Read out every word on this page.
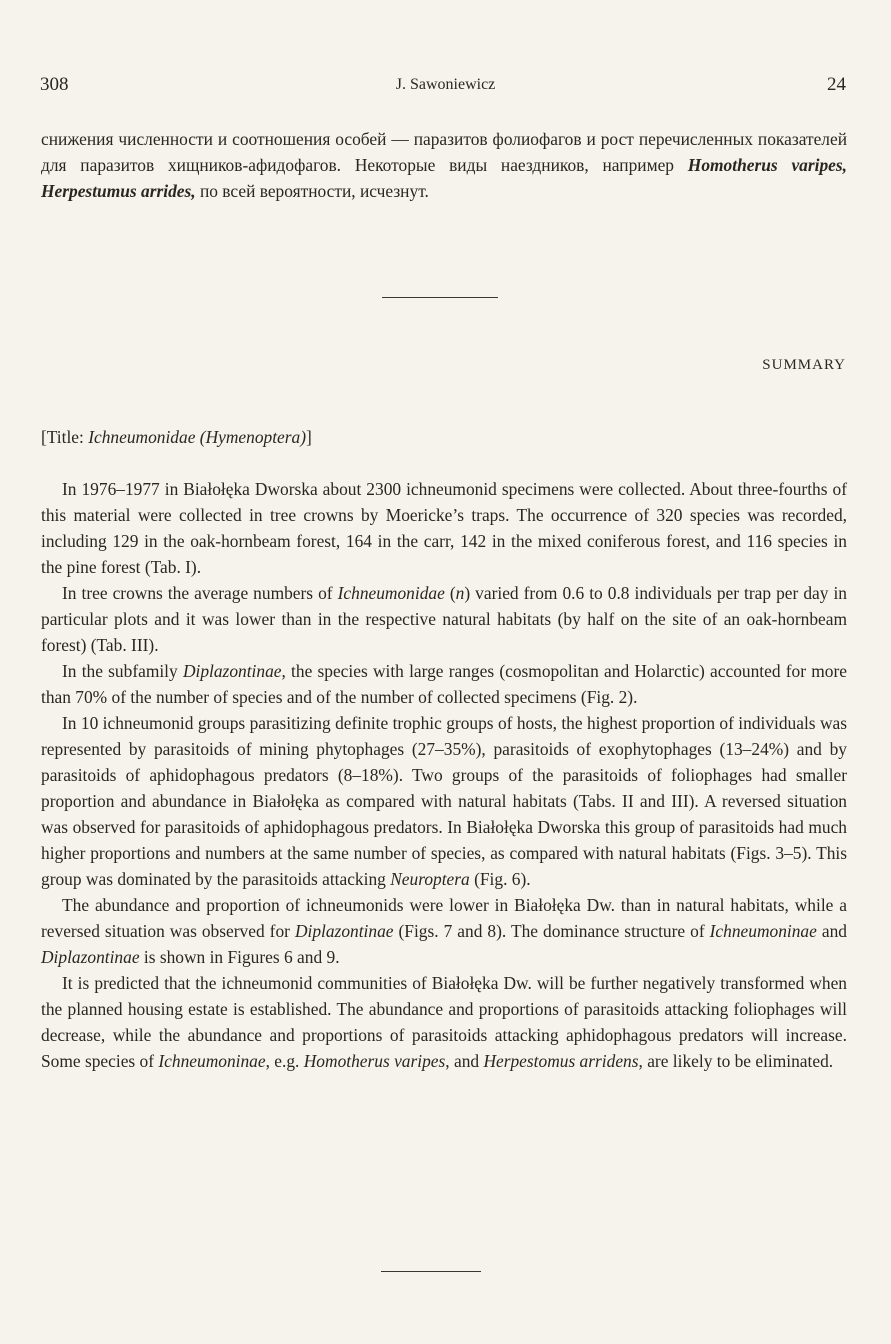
308	J. Sawoniewicz	24

снижения численности и соотношения особей — паразитов фолиофагов и рост перечисленных показателей для паразитов хищников-афидофагов. Некоторые виды наездников, например Homotherus varipes, Herpestumus arrides, по всей вероятности, исчезнут.

SUMMARY

[Title: Ichneumonidae (Hymenoptera)]

In 1976–1977 in Białołęka Dworska about 2300 ichneumonid specimens were collected. About three-fourths of this material were collected in tree crowns by Moericke’s traps. The occurrence of 320 species was recorded, including 129 in the oak-hornbeam forest, 164 in the carr, 142 in the mixed coniferous forest, and 116 species in the pine forest (Tab. I).

In tree crowns the average numbers of Ichneumonidae (n) varied from 0.6 to 0.8 individuals per trap per day in particular plots and it was lower than in the respective natural habitats (by half on the site of an oak-hornbeam forest) (Tab. III).

In the subfamily Diplazontinae, the species with large ranges (cosmopolitan and Holarctic) accounted for more than 70% of the number of species and of the number of collected specimens (Fig. 2).

In 10 ichneumonid groups parasitizing definite trophic groups of hosts, the highest proportion of individuals was represented by parasitoids of mining phytophages (27–35%), parasitoids of exophytophages (13–24%) and by parasitoids of aphidophagous predators (8–18%). Two groups of the parasitoids of foliophages had smaller proportion and abundance in Białołęka as compared with natural habitats (Tabs. II and III). A reversed situation was observed for parasitoids of aphidophagous predators. In Białołęka Dworska this group of parasitoids had much higher proportions and numbers at the same number of species, as compared with natural habitats (Figs. 3–5). This group was dominated by the parasitoids attacking Neuroptera (Fig. 6).

The abundance and proportion of ichneumonids were lower in Białołęka Dw. than in natural habitats, while a reversed situation was observed for Diplazontinae (Figs. 7 and 8). The dominance structure of Ichneumoninae and Diplazontinae is shown in Figures 6 and 9.

It is predicted that the ichneumonid communities of Białołęka Dw. will be further negatively transformed when the planned housing estate is established. The abundance and proportions of parasitoids attacking foliophages will decrease, while the abundance and proportions of parasitoids attacking aphidophagous predators will increase. Some species of Ichneumoninae, e.g. Homotherus varipes, and Herpestomus arridens, are likely to be eliminated.
